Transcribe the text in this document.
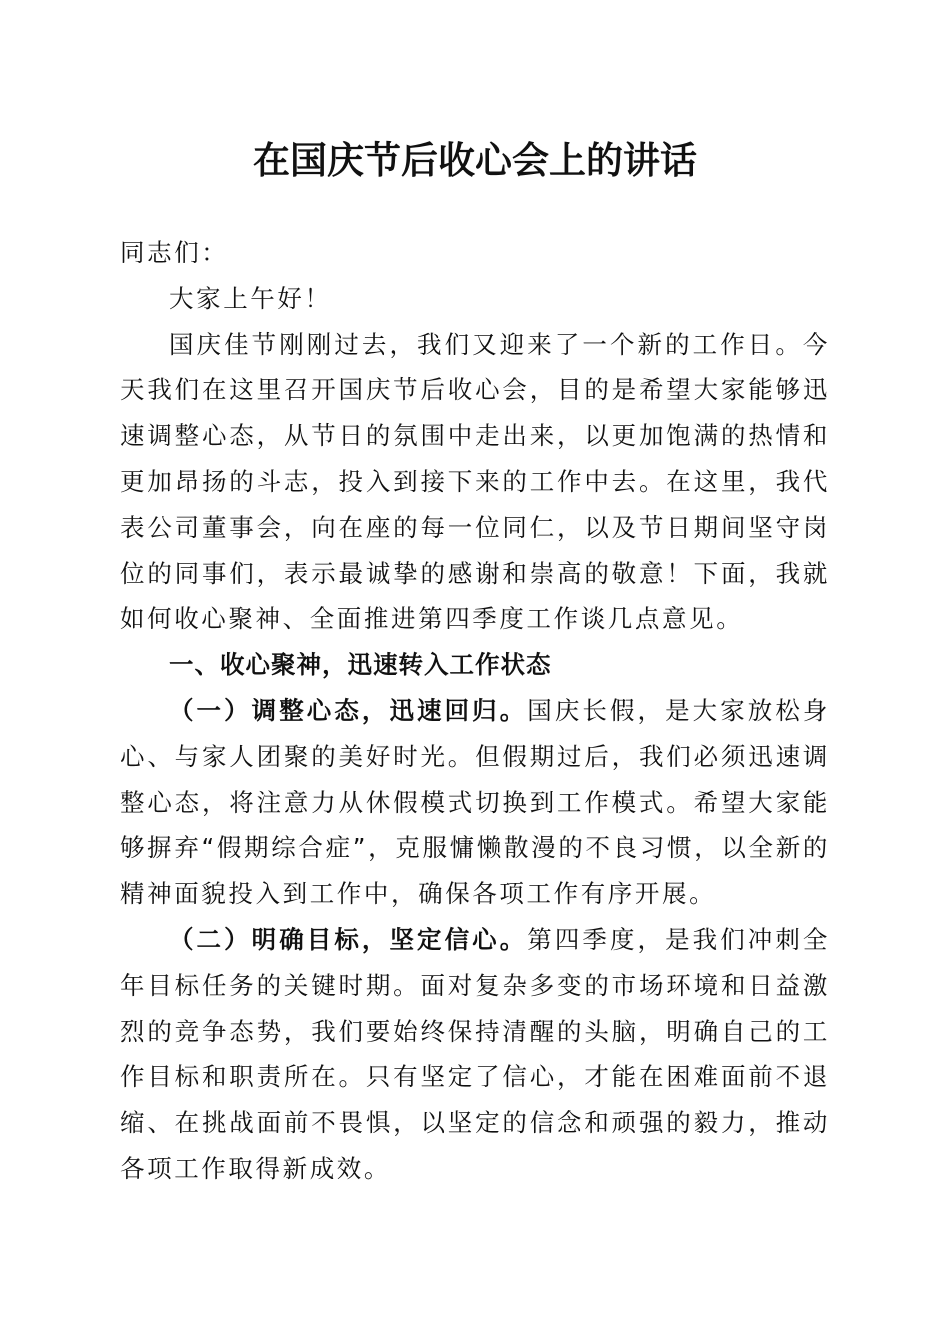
在国庆节后收心会上的讲话

同志们：

大家上午好！

国庆佳节刚刚过去，我们又迎来了一个新的工作日。今天我们在这里召开国庆节后收心会，目的是希望大家能够迅速调整心态，从节日的氛围中走出来，以更加饱满的热情和更加昂扬的斗志，投入到接下来的工作中去。在这里，我代表公司董事会，向在座的每一位同仁，以及节日期间坚守岗位的同事们，表示最诚挚的感谢和崇高的敬意！下面，我就如何收心聚神、全面推进第四季度工作谈几点意见。

一、收心聚神，迅速转入工作状态

（一）调整心态，迅速回归。国庆长假，是大家放松身心、与家人团聚的美好时光。但假期过后，我们必须迅速调整心态，将注意力从休假模式切换到工作模式。希望大家能够摒弃“假期综合症”，克服慵懒散漫的不良习惯，以全新的精神面貌投入到工作中，确保各项工作有序开展。

（二）明确目标，坚定信心。第四季度，是我们冲刺全年目标任务的关键时期。面对复杂多变的市场环境和日益激烈的竞争态势，我们要始终保持清醒的头脑，明确自己的工作目标和职责所在。只有坚定了信心，才能在困难面前不退缩、在挑战面前不畏惧，以坚定的信念和顽强的毅力，推动各项工作取得新成效。
